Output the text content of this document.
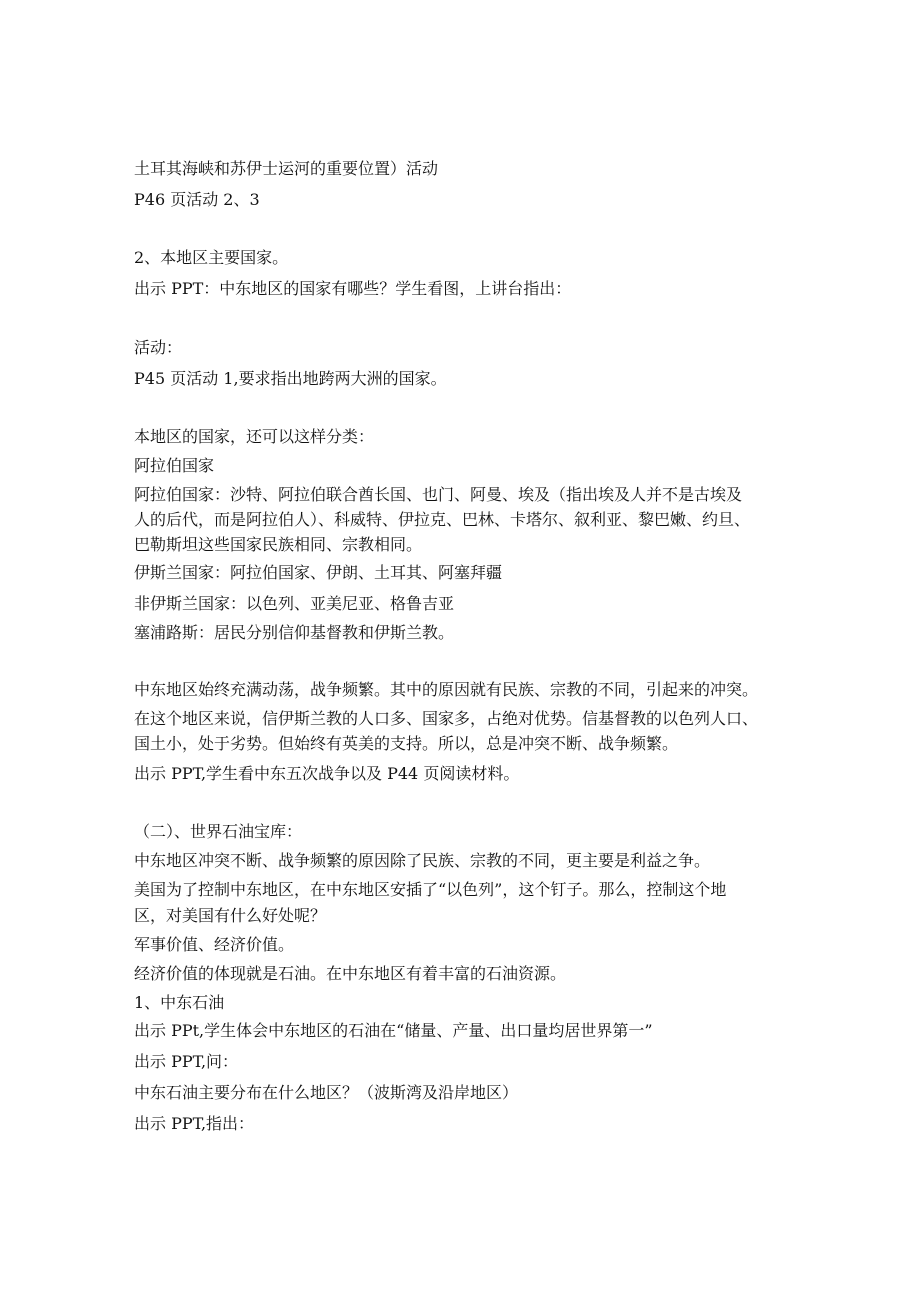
土耳其海峡和苏伊士运河的重要位置）活动
P46 页活动 2、3
2、本地区主要国家。
出示 PPT：中东地区的国家有哪些？学生看图，上讲台指出：
活动：
P45 页活动 1,要求指出地跨两大洲的国家。
本地区的国家，还可以这样分类：
阿拉伯国家
阿拉伯国家：沙特、阿拉伯联合酋长国、也门、阿曼、埃及（指出埃及人并不是古埃及
人的后代，而是阿拉伯人）、科威特、伊拉克、巴林、卡塔尔、叙利亚、黎巴嫩、约旦、
巴勒斯坦这些国家民族相同、宗教相同。
伊斯兰国家：阿拉伯国家、伊朗、土耳其、阿塞拜疆
非伊斯兰国家：以色列、亚美尼亚、格鲁吉亚
塞浦路斯：居民分别信仰基督教和伊斯兰教。
中东地区始终充满动荡，战争频繁。其中的原因就有民族、宗教的不同，引起来的冲突。
在这个地区来说，信伊斯兰教的人口多、国家多，占绝对优势。信基督教的以色列人口、
国土小，处于劣势。但始终有英美的支持。所以，总是冲突不断、战争频繁。
出示 PPT,学生看中东五次战争以及 P44 页阅读材料。
（二）、世界石油宝库：
中东地区冲突不断、战争频繁的原因除了民族、宗教的不同，更主要是利益之争。
美国为了控制中东地区，在中东地区安插了“以色列”，这个钉子。那么，控制这个地
区，对美国有什么好处呢？
军事价值、经济价值。
经济价值的体现就是石油。在中东地区有着丰富的石油资源。
1、中东石油
出示 PPt,学生体会中东地区的石油在“储量、产量、出口量均居世界第一”
出示 PPT,问：
中东石油主要分布在什么地区？（波斯湾及沿岸地区）
出示 PPT,指出：
